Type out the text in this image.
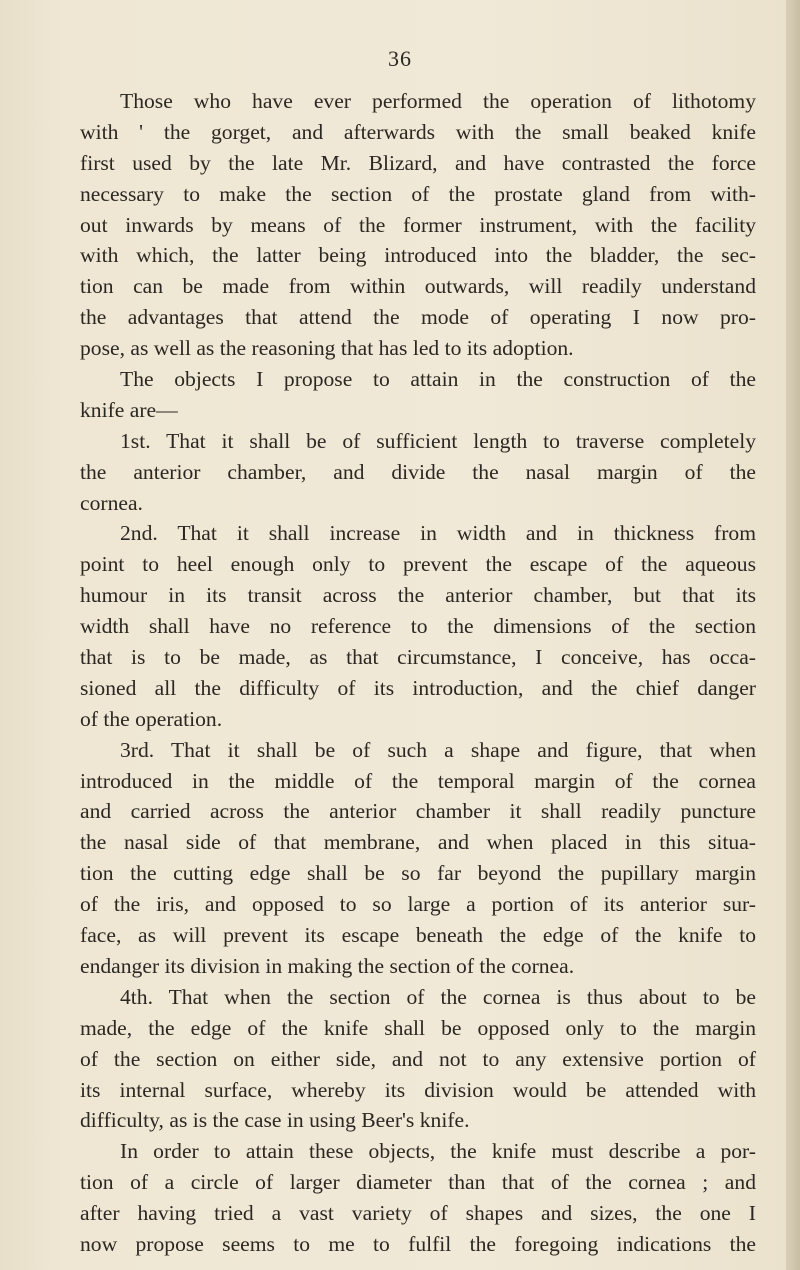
36
Those who have ever performed the operation of lithotomy
with ' the gorget, and afterwards with the small beaked knife
first used by the late Mr. Blizard, and have contrasted the force
necessary to make the section of the prostate gland from with-
out inwards by means of the former instrument, with the facility
with which, the latter being introduced into the bladder, the sec-
tion can be made from within outwards, will readily understand
the advantages that attend the mode of operating I now pro-
pose, as well as the reasoning that has led to its adoption.
The objects I propose to attain in the construction of the
knife are—
1st. That it shall be of sufficient length to traverse completely
the anterior chamber, and divide the nasal margin of the
cornea.
2nd. That it shall increase in width and in thickness from
point to heel enough only to prevent the escape of the aqueous
humour in its transit across the anterior chamber, but that its
width shall have no reference to the dimensions of the section
that is to be made, as that circumstance, I conceive, has occa-
sioned all the difficulty of its introduction, and the chief danger
of the operation.
3rd. That it shall be of such a shape and figure, that when
introduced in the middle of the temporal margin of the cornea
and carried across the anterior chamber it shall readily puncture
the nasal side of that membrane, and when placed in this situa-
tion the cutting edge shall be so far beyond the pupillary margin
of the iris, and opposed to so large a portion of its anterior sur-
face, as will prevent its escape beneath the edge of the knife to
endanger its division in making the section of the cornea.
4th. That when the section of the cornea is thus about to be
made, the edge of the knife shall be opposed only to the margin
of the section on either side, and not to any extensive portion of
its internal surface, whereby its division would be attended with
difficulty, as is the case in using Beer's knife.
In order to attain these objects, the knife must describe a por-
tion of a circle of larger diameter than that of the cornea ; and
after having tried a vast variety of shapes and sizes, the one I
now propose seems to me to fulfil the foregoing indications the
